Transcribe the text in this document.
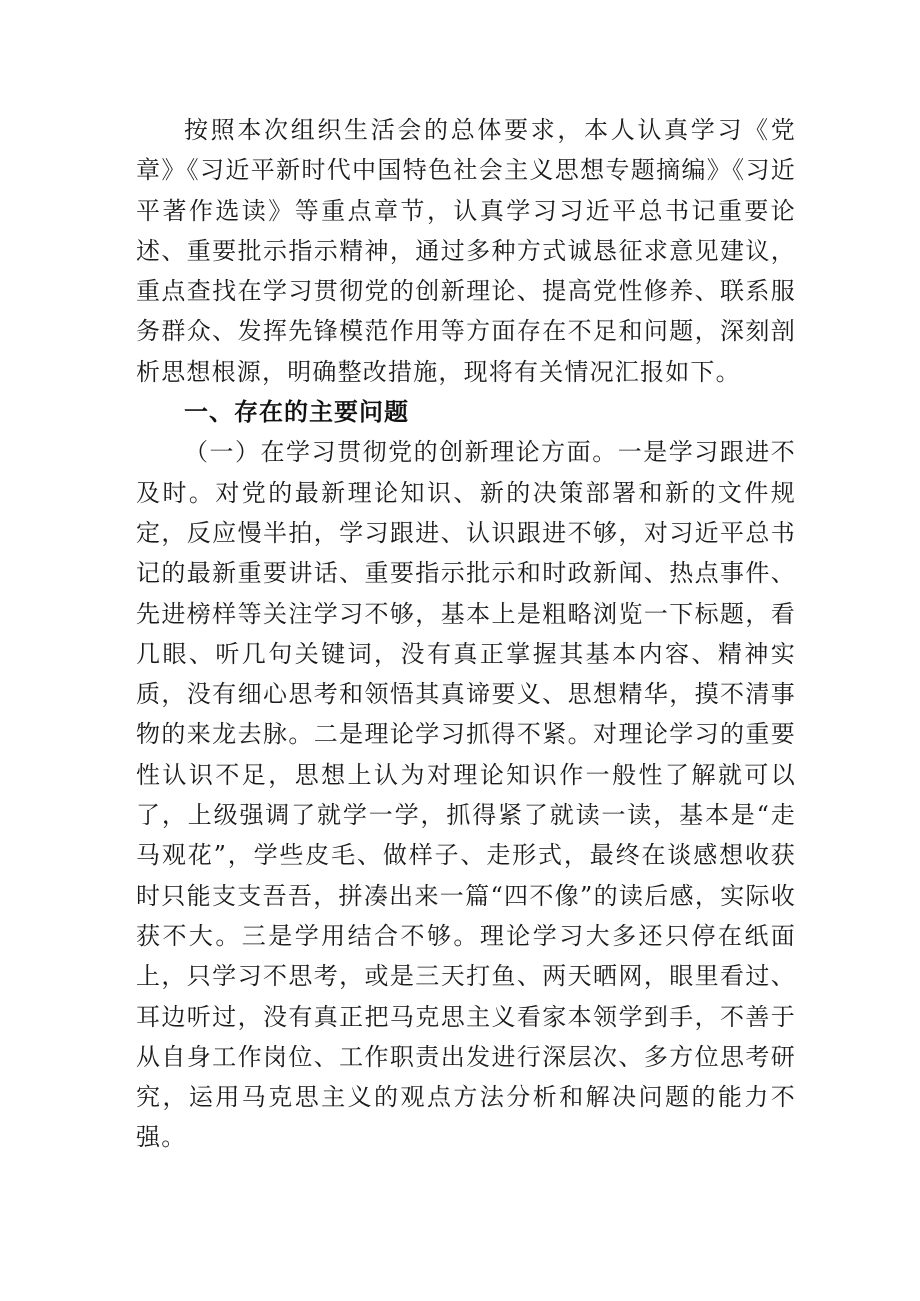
按照本次组织生活会的总体要求，本人认真学习《党章》《习近平新时代中国特色社会主义思想专题摘编》《习近平著作选读》等重点章节，认真学习习近平总书记重要论述、重要批示指示精神，通过多种方式诚恳征求意见建议，重点查找在学习贯彻党的创新理论、提高党性修养、联系服务群众、发挥先锋模范作用等方面存在不足和问题，深刻剖析思想根源，明确整改措施，现将有关情况汇报如下。

一、存在的主要问题

（一）在学习贯彻党的创新理论方面。一是学习跟进不及时。对党的最新理论知识、新的决策部署和新的文件规定，反应慢半拍，学习跟进、认识跟进不够，对习近平总书记的最新重要讲话、重要指示批示和时政新闻、热点事件、先进榜样等关注学习不够，基本上是粗略浏览一下标题，看几眼、听几句关键词，没有真正掌握其基本内容、精神实质，没有细心思考和领悟其真谛要义、思想精华，摸不清事物的来龙去脉。二是理论学习抓得不紧。对理论学习的重要性认识不足，思想上认为对理论知识作一般性了解就可以了，上级强调了就学一学，抓得紧了就读一读，基本是“走马观花”，学些皮毛、做样子、走形式，最终在谈感想收获时只能支支吾吾，拼凑出来一篇“四不像”的读后感，实际收获不大。三是学用结合不够。理论学习大多还只停在纸面上，只学习不思考，或是三天打鱼、两天晒网，眼里看过、耳边听过，没有真正把马克思主义看家本领学到手，不善于从自身工作岗位、工作职责出发进行深层次、多方位思考研究，运用马克思主义的观点方法分析和解决问题的能力不强。
